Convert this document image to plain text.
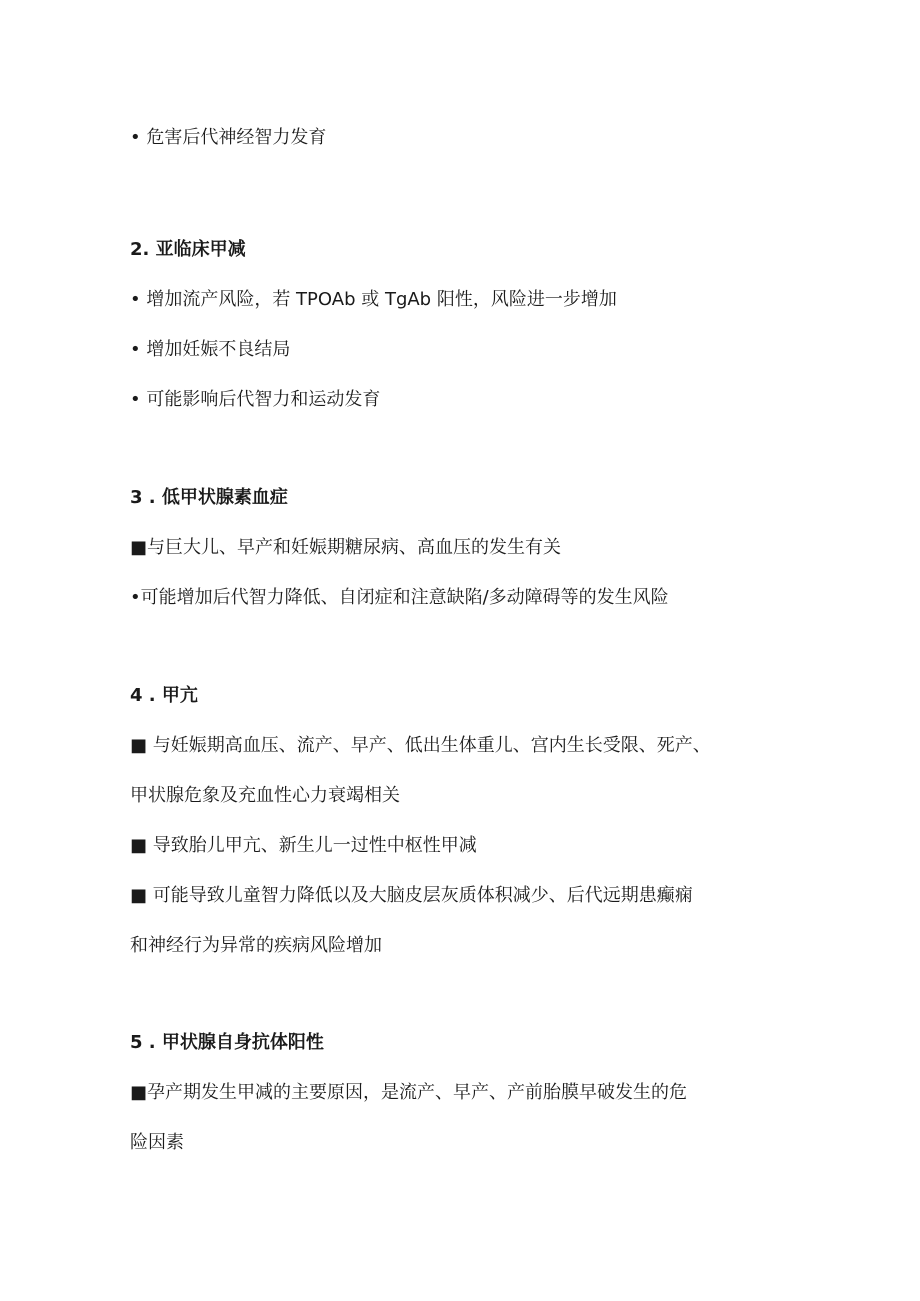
• 危害后代神经智力发育
2. 亚临床甲减
• 增加流产风险，若 TPOAb 或 TgAb 阳性，风险进一步增加
• 增加妊娠不良结局
• 可能影响后代智力和运动发育
3 . 低甲状腺素血症
■与巨大儿、早产和妊娠期糖尿病、高血压的发生有关
•可能增加后代智力降低、自闭症和注意缺陷/多动障碍等的发生风险
4 . 甲亢
■ 与妊娠期高血压、流产、早产、低出生体重儿、宫内生长受限、死产、
甲状腺危象及充血性心力衰竭相关
■ 导致胎儿甲亢、新生儿一过性中枢性甲减
■ 可能导致儿童智力降低以及大脑皮层灰质体积减少、后代远期患癫痫
和神经行为异常的疾病风险增加
5 . 甲状腺自身抗体阳性
■孕产期发生甲减的主要原因，是流产、早产、产前胎膜早破发生的危
险因素
